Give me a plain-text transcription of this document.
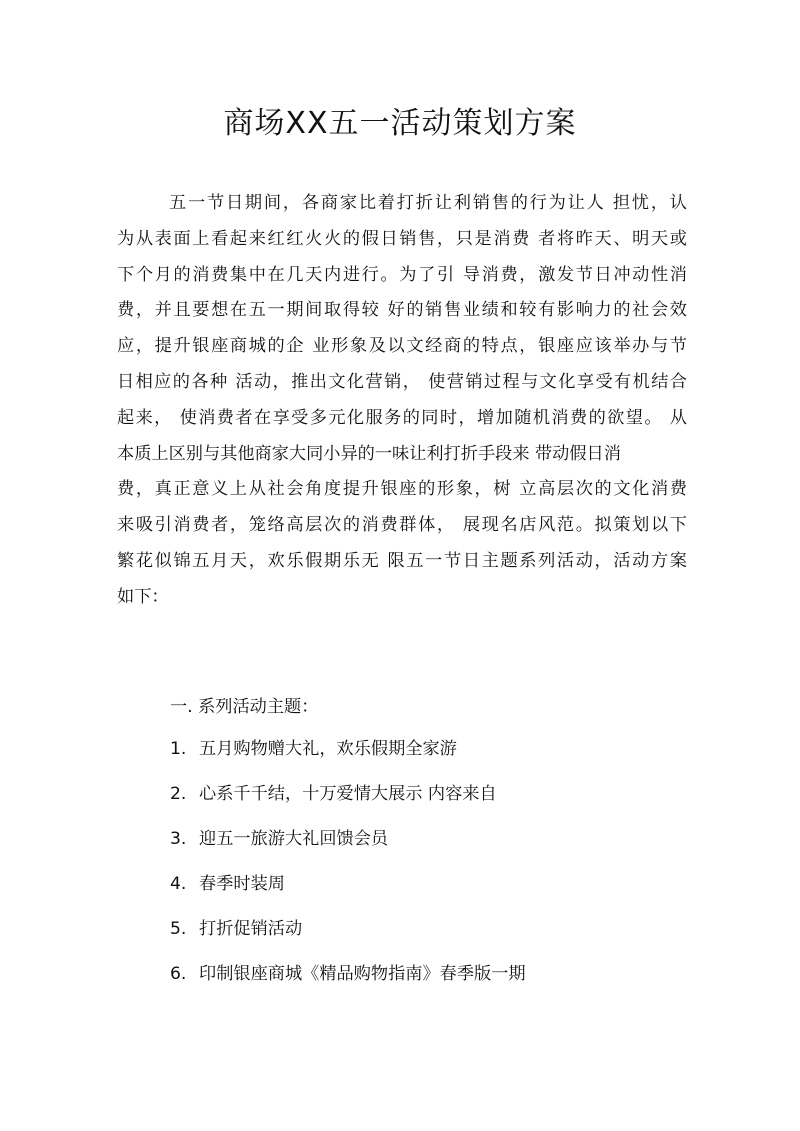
商场XX五一活动策划方案
五一节日期间，各商家比着打折让利销售的行为让人 担忧，认
为从表面上看起来红红火火的假日销售，只是消费 者将昨天、明天或
下个月的消费集中在几天内进行。为了引 导消费，激发节日冲动性消
费，并且要想在五一期间取得较 好的销售业绩和较有影响力的社会效
应，提升银座商城的企 业形象及以文经商的特点，银座应该举办与节
日相应的各种 活动，推出文化营销， 使营销过程与文化享受有机结合
起来， 使消费者在享受多元化服务的同时，增加随机消费的欲望。 从
本质上区别与其他商家大同小异的一味让利打折手段来 带动假日消
费，真正意义上从社会角度提升银座的形象，树 立高层次的文化消费
来吸引消费者，笼络高层次的消费群体， 展现名店风范。拟策划以下
繁花似锦五月天，欢乐假期乐无 限五一节日主题系列活动，活动方案
如下：
一. 系列活动主题：
1. 五月购物赠大礼，欢乐假期全家游
2. 心系千千结，十万爱情大展示 内容来自
3. 迎五一旅游大礼回馈会员
4. 春季时装周
5. 打折促销活动
6. 印制银座商城《精品购物指南》春季版一期
